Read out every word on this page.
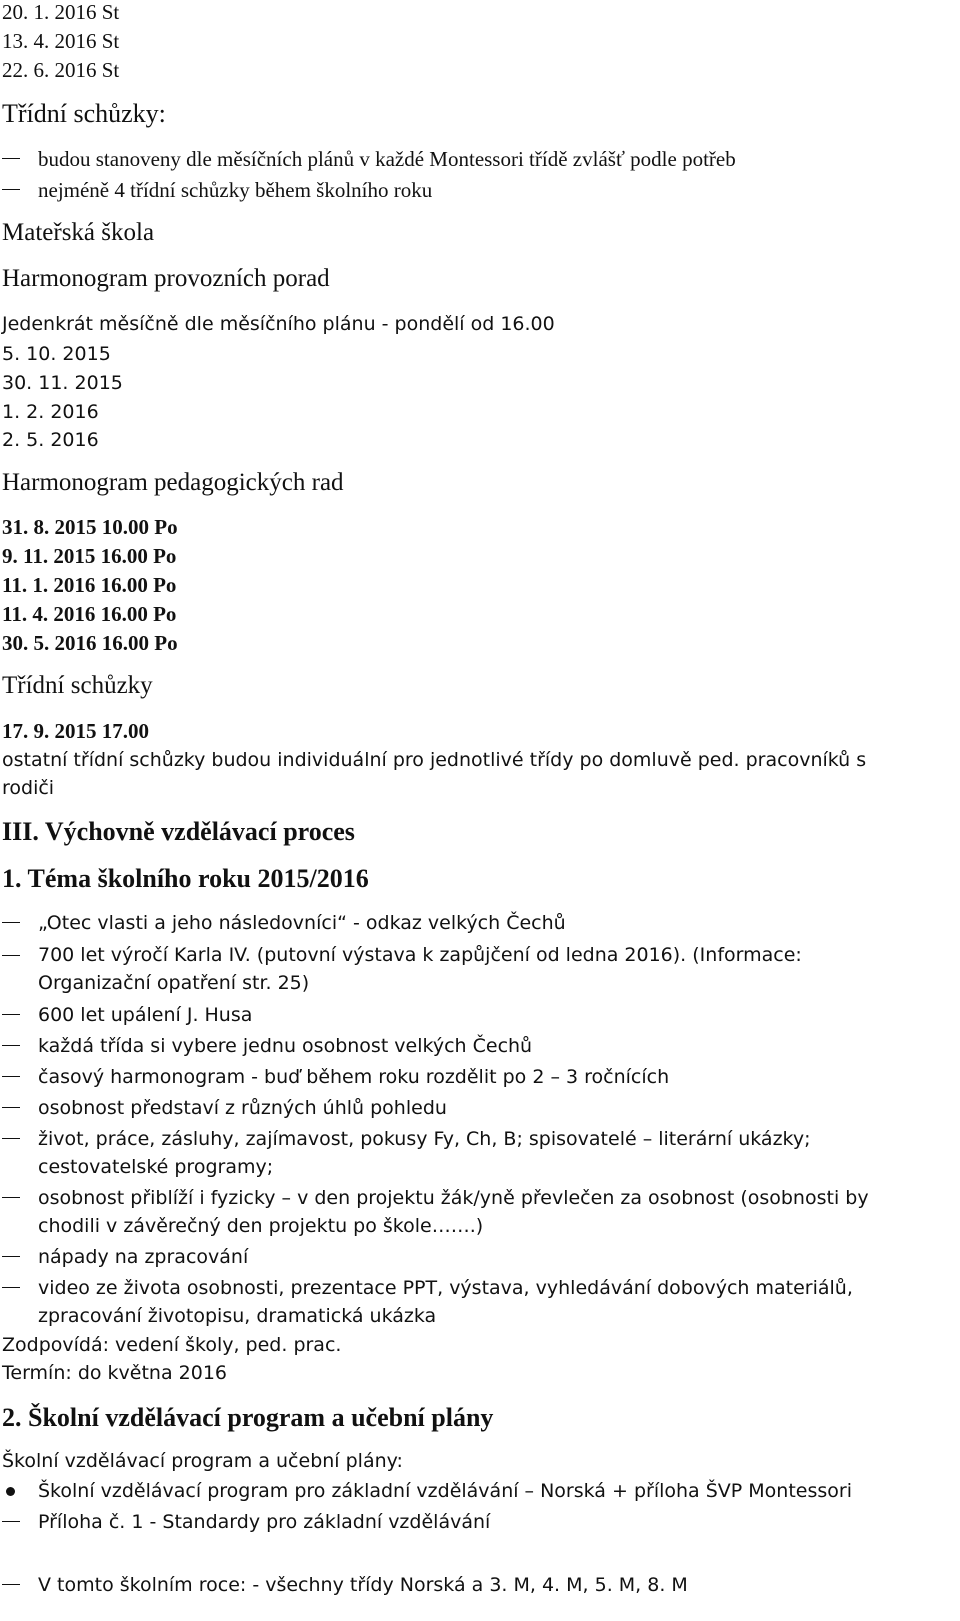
20. 1. 2016 St
13. 4. 2016 St
22. 6. 2016 St
Třídní schůzky:
budou stanoveny dle měsíčních plánů v každé Montessori třídě zvlášť podle potřeb
nejméně 4 třídní schůzky během školního roku
Mateřská škola
Harmonogram provozních porad
Jedenkrát měsíčně dle měsíčního plánu - pondělí od 16.00
5. 10. 2015
30. 11. 2015
1. 2. 2016
2. 5. 2016
Harmonogram pedagogických rad
31. 8. 2015 10.00 Po
9. 11. 2015 16.00 Po
11. 1. 2016 16.00 Po
11. 4. 2016 16.00 Po
30. 5. 2016 16.00 Po
Třídní schůzky
17. 9. 2015 17.00
ostatní třídní schůzky budou individuální pro jednotlivé třídy po domluvě ped. pracovníků s
rodiči
III. Výchovně vzdělávací proces
1. Téma školního roku 2015/2016
„Otec vlasti a jeho následovníci“ - odkaz velkých Čechů
700 let výročí Karla IV. (putovní výstava k zapůjčení od ledna 2016). (Informace:
Organizační opatření str. 25)
600 let upálení J. Husa
každá třída si vybere jednu osobnost velkých Čechů
časový harmonogram - buď během roku rozdělit po 2 – 3 ročnících
osobnost představí z různých úhlů pohledu
život, práce, zásluhy, zajímavost, pokusy Fy, Ch, B; spisovatelé – literární ukázky;
cestovatelské programy;
osobnost přiblíží i fyzicky – v den projektu žák/yně převlečen za osobnost (osobnosti by
chodili v závěrečný den projektu po škole…….)
nápady na zpracování
video ze života osobnosti, prezentace PPT, výstava, vyhledávání dobových materiálů,
zpracování životopisu, dramatická ukázka
Zodpovídá: vedení školy, ped. prac.
Termín: do května 2016
2. Školní vzdělávací program a učební plány
Školní vzdělávací program a učební plány:
Školní vzdělávací program pro základní vzdělávání – Norská + příloha ŠVP Montessori
Příloha č. 1 - Standardy pro základní vzdělávání
V tomto školním roce: - všechny třídy Norská a 3. M, 4. M, 5. M, 8. M
